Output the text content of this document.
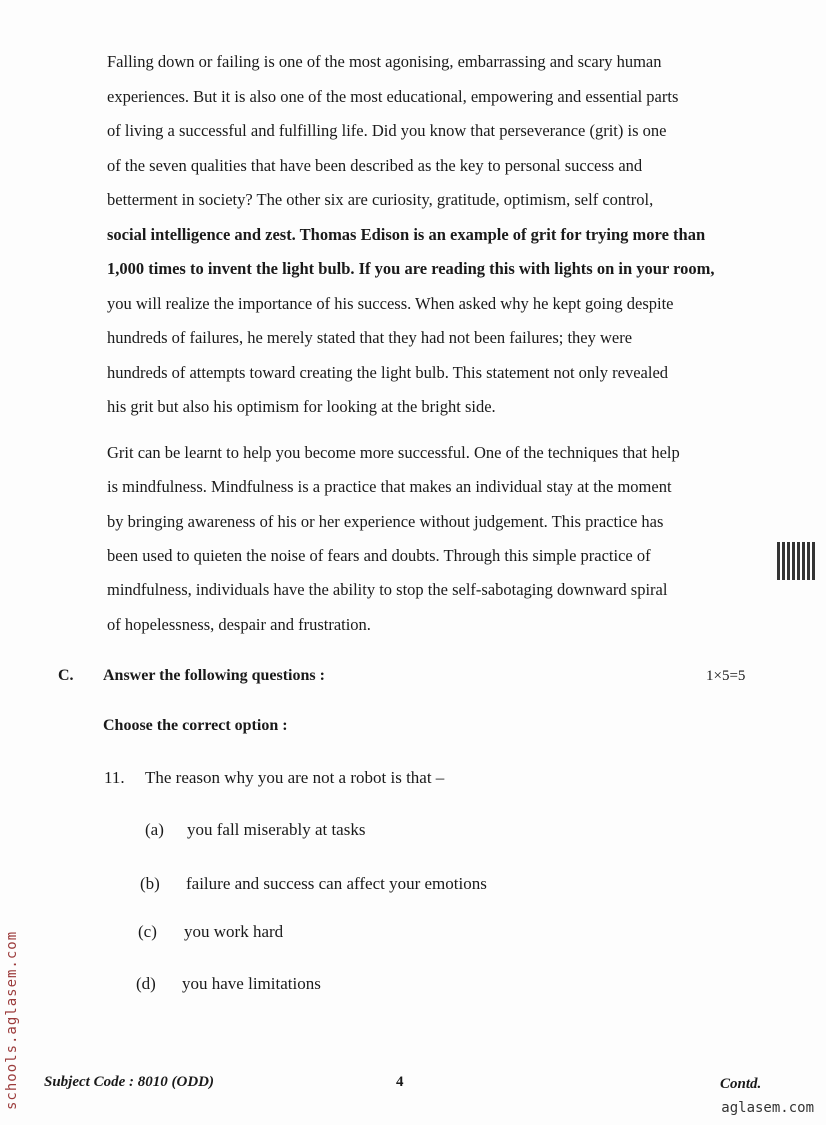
Falling down or failing is one of the most agonising, embarrassing and scary human
experiences. But it is also one of the most educational, empowering and essential parts
of living a successful and fulfilling life. Did you know that perseverance (grit) is one
of the seven qualities that have been described as the key to personal success and
betterment in society? The other six are curiosity, gratitude, optimism, self control,
social intelligence and zest. Thomas Edison is an example of grit for trying more than
1,000 times to invent the light bulb. If you are reading this with lights on in your room,
you will realize the importance of his success. When asked why he kept going despite
hundreds of failures, he merely stated that they had not been failures; they were
hundreds of attempts toward creating the light bulb. This statement not only revealed
his grit but also his optimism for looking at the bright side.
Grit can be learnt to help you become more successful. One of the techniques that help
is mindfulness. Mindfulness is a practice that makes an individual stay at the moment
by bringing awareness of his or her experience without judgement. This practice has
been used to quieten the noise of fears and doubts. Through this simple practice of
mindfulness, individuals have the ability to stop the self-sabotaging downward spiral
of hopelessness, despair and frustration.
C. Answer the following questions :	1×5=5
Choose the correct option :
11. The reason why you are not a robot is that –
(a) you fall miserably at tasks
(b) failure and success can affect your emotions
(c) you work hard
(d) you have limitations
Subject Code : 8010 (ODD)	4	Contd.
schools.aglasem.com	aglasem.com
